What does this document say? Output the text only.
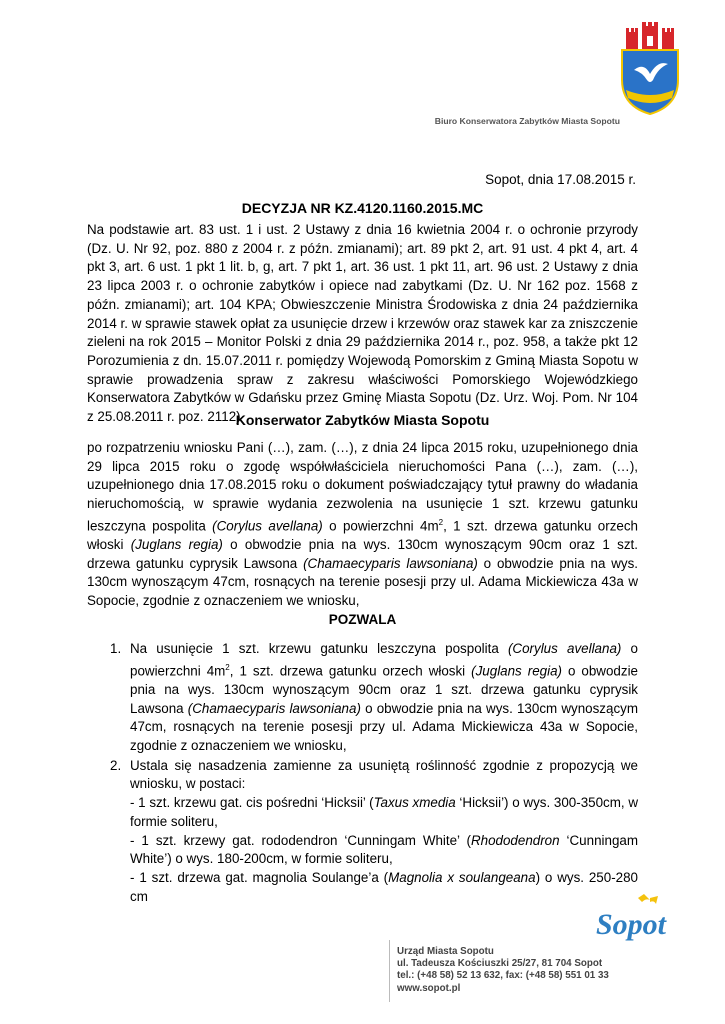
Biuro Konserwatora Zabytków Miasta Sopotu
Sopot, dnia 17.08.2015 r.
DECYZJA NR KZ.4120.1160.2015.MC
Na podstawie art. 83 ust. 1 i ust. 2 Ustawy z dnia 16 kwietnia 2004 r. o ochronie przyrody (Dz. U. Nr 92, poz. 880 z 2004 r. z późn. zmianami); art. 89 pkt 2, art. 91 ust. 4 pkt 4, art. 4 pkt 3, art. 6 ust. 1 pkt 1 lit. b, g, art. 7 pkt 1, art. 36 ust. 1 pkt 11, art. 96 ust. 2 Ustawy z dnia 23 lipca 2003 r. o ochronie zabytków i opiece nad zabytkami (Dz. U. Nr 162 poz. 1568 z późn. zmianami); art. 104 KPA; Obwieszczenie Ministra Środowiska z dnia 24 października 2014 r. w sprawie stawek opłat za usunięcie drzew i krzewów oraz stawek kar za zniszczenie zieleni na rok 2015 – Monitor Polski z dnia 29 października 2014 r., poz. 958, a także pkt 12 Porozumienia z dn. 15.07.2011 r. pomiędzy Wojewodą Pomorskim z Gminą Miasta Sopotu w sprawie prowadzenia spraw z zakresu właściwości Pomorskiego Wojewódzkiego Konserwatora Zabytków w Gdańsku przez Gminę Miasta Sopotu (Dz. Urz. Woj. Pom. Nr 104 z 25.08.2011 r. poz. 2112)
Konserwator Zabytków Miasta Sopotu
po rozpatrzeniu wniosku Pani (…), zam. (…), z dnia 24 lipca 2015 roku, uzupełnionego dnia 29 lipca 2015 roku o zgodę współwłaściciela nieruchomości Pana (…), zam. (…), uzupełnionego dnia 17.08.2015 roku o dokument poświadczający tytuł prawny do władania nieruchomością, w sprawie wydania zezwolenia na usunięcie 1 szt. krzewu gatunku leszczyna pospolita (Corylus avellana) o powierzchni $4m^2$, 1 szt. drzewa gatunku orzech włoski (Juglans regia) o obwodzie pnia na wys. 130cm wynoszącym 90cm oraz 1 szt. drzewa gatunku cyprysik Lawsona (Chamaecyparis lawsoniana) o obwodzie pnia na wys. 130cm wynoszącym 47cm, rosnących na terenie posesji przy ul. Adama Mickiewicza 43a w Sopocie, zgodnie z oznaczeniem we wniosku,
POZWALA
1. Na usunięcie 1 szt. krzewu gatunku leszczyna pospolita (Corylus avellana) o powierzchni $4m^2$, 1 szt. drzewa gatunku orzech włoski (Juglans regia) o obwodzie pnia na wys. 130cm wynoszącym 90cm oraz 1 szt. drzewa gatunku cyprysik Lawsona (Chamaecyparis lawsoniana) o obwodzie pnia na wys. 130cm wynoszącym 47cm, rosnących na terenie posesji przy ul. Adama Mickiewicza 43a w Sopocie, zgodnie z oznaczeniem we wniosku,
2. Ustala się nasadzenia zamienne za usuniętą roślinność zgodnie z propozycją we wniosku, w postaci:
- 1 szt. krzewu gat. cis pośredni ‘Hicksii’ (Taxus xmedia ‘Hicksii’) o wys. 300-350cm, w formie soliteru,
- 1 szt. krzewy gat. rododendron ‘Cunningam White’ (Rhododendron ‘Cunningam White’) o wys. 180-200cm, w formie soliteru,
- 1 szt. drzewa gat. magnolia Soulange’a (Magnolia x soulangeana) o wys. 250-280 cm
Sopot
Urząd Miasta Sopotu
ul. Tadeusza Kościuszki 25/27, 81 704 Sopot
tel.: (+48 58) 52 13 632, fax: (+48 58) 551 01 33
www.sopot.pl
